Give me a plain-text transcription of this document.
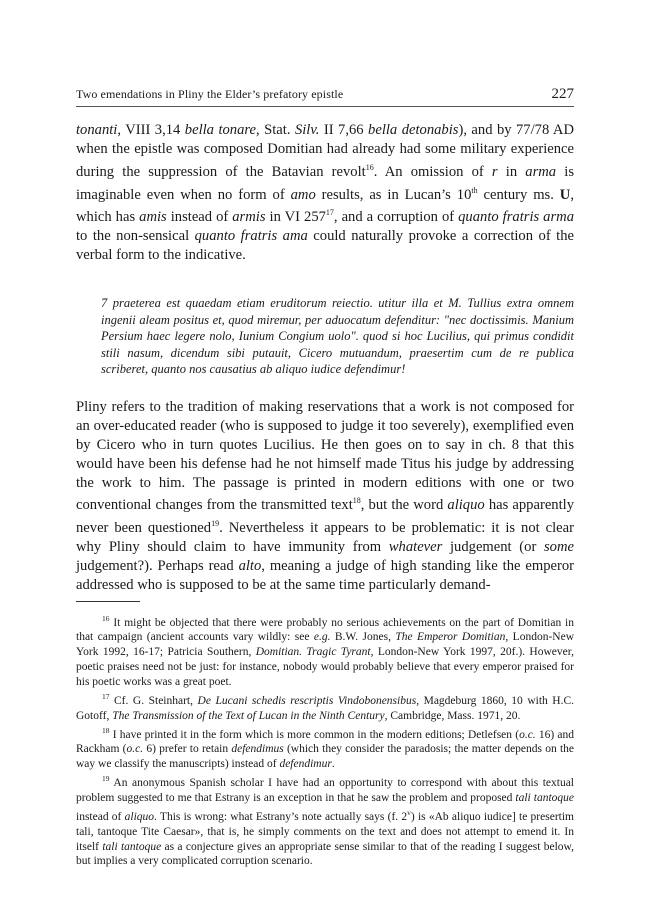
Two emendations in Pliny the Elder’s prefatory epistle	227

tonanti, VIII 3,14 bella tonare, Stat. Silv. II 7,66 bella detonabis), and by 77/78 AD when the epistle was composed Domitian had already had some military experience during the suppression of the Batavian revolt$^{16}$. An omission of r in arma is imaginable even when no form of amo results, as in Lucan’s 10th century ms. U, which has amis instead of armis in VI $257^{17}$, and a corruption of quanto fratris arma to the non-sensical quanto fratris ama could naturally provoke a correction of the verbal form to the indicative.

7 praeterea est quaedam etiam eruditorum reiectio. utitur illa et M. Tullius extra omnem ingenii aleam positus et, quod miremur, per aduocatum defenditur: "nec doctissimis. Manium Persium haec legere nolo, Iunium Congium uolo". quod si hoc Lucilius, qui primus condidit stili nasum, dicendum sibi putauit, Cicero mutuandum, praesertim cum de re publica scriberet, quanto nos causatius ab aliquo iudice defendimur!

Pliny refers to the tradition of making reservations that a work is not composed for an over-educated reader (who is supposed to judge it too severely), exemplified even by Cicero who in turn quotes Lucilius. He then goes on to say in ch. 8 that this would have been his defense had he not himself made Titus his judge by addressing the work to him. The passage is printed in modern editions with one or two conventional changes from the transmitted text$^{18}$, but the word aliquo has apparently never been questioned$^{19}$. Nevertheless it appears to be problematic: it is not clear why Pliny should claim to have immunity from whatever judgement (or some judgement?). Perhaps read alto, meaning a judge of high standing like the emperor addressed who is supposed to be at the same time particularly demand-

$^{16}$ It might be objected that there were probably no serious achievements on the part of Domitian in that campaign (ancient accounts vary wildly: see e.g. B.W. Jones, The Emperor Domitian, London-New York 1992, 16-17; Patricia Southern, Domitian. Tragic Tyrant, London-New York 1997, 20f.). However, poetic praises need not be just: for instance, nobody would probably believe that every emperor praised for his poetic works was a great poet.

$^{17}$ Cf. G. Steinhart, De Lucani schedis rescriptis Vindobonensibus, Magdeburg 1860, 10 with H.C. Gotoff, The Transmission of the Text of Lucan in the Ninth Century, Cambridge, Mass. 1971, 20.

$^{18}$ I have printed it in the form which is more common in the modern editions; Detlefsen (o.c. 16) and Rackham (o.c. 6) prefer to retain defendimus (which they consider the paradosis; the matter depends on the way we classify the manuscripts) instead of defendimur.

$^{19}$ An anonymous Spanish scholar I have had an opportunity to correspond with about this textual problem suggested to me that Estrany is an exception in that he saw the problem and proposed tali tantoque instead of aliquo. This is wrong: what Estrany’s note actually says (f. 2$^v$) is «Ab aliquo iudice] te presertim tali, tantoque Tite Caesar», that is, he simply comments on the text and does not attempt to emend it. In itself tali tantoque as a conjecture gives an appropriate sense similar to that of the reading I suggest below, but implies a very complicated corruption scenario.
